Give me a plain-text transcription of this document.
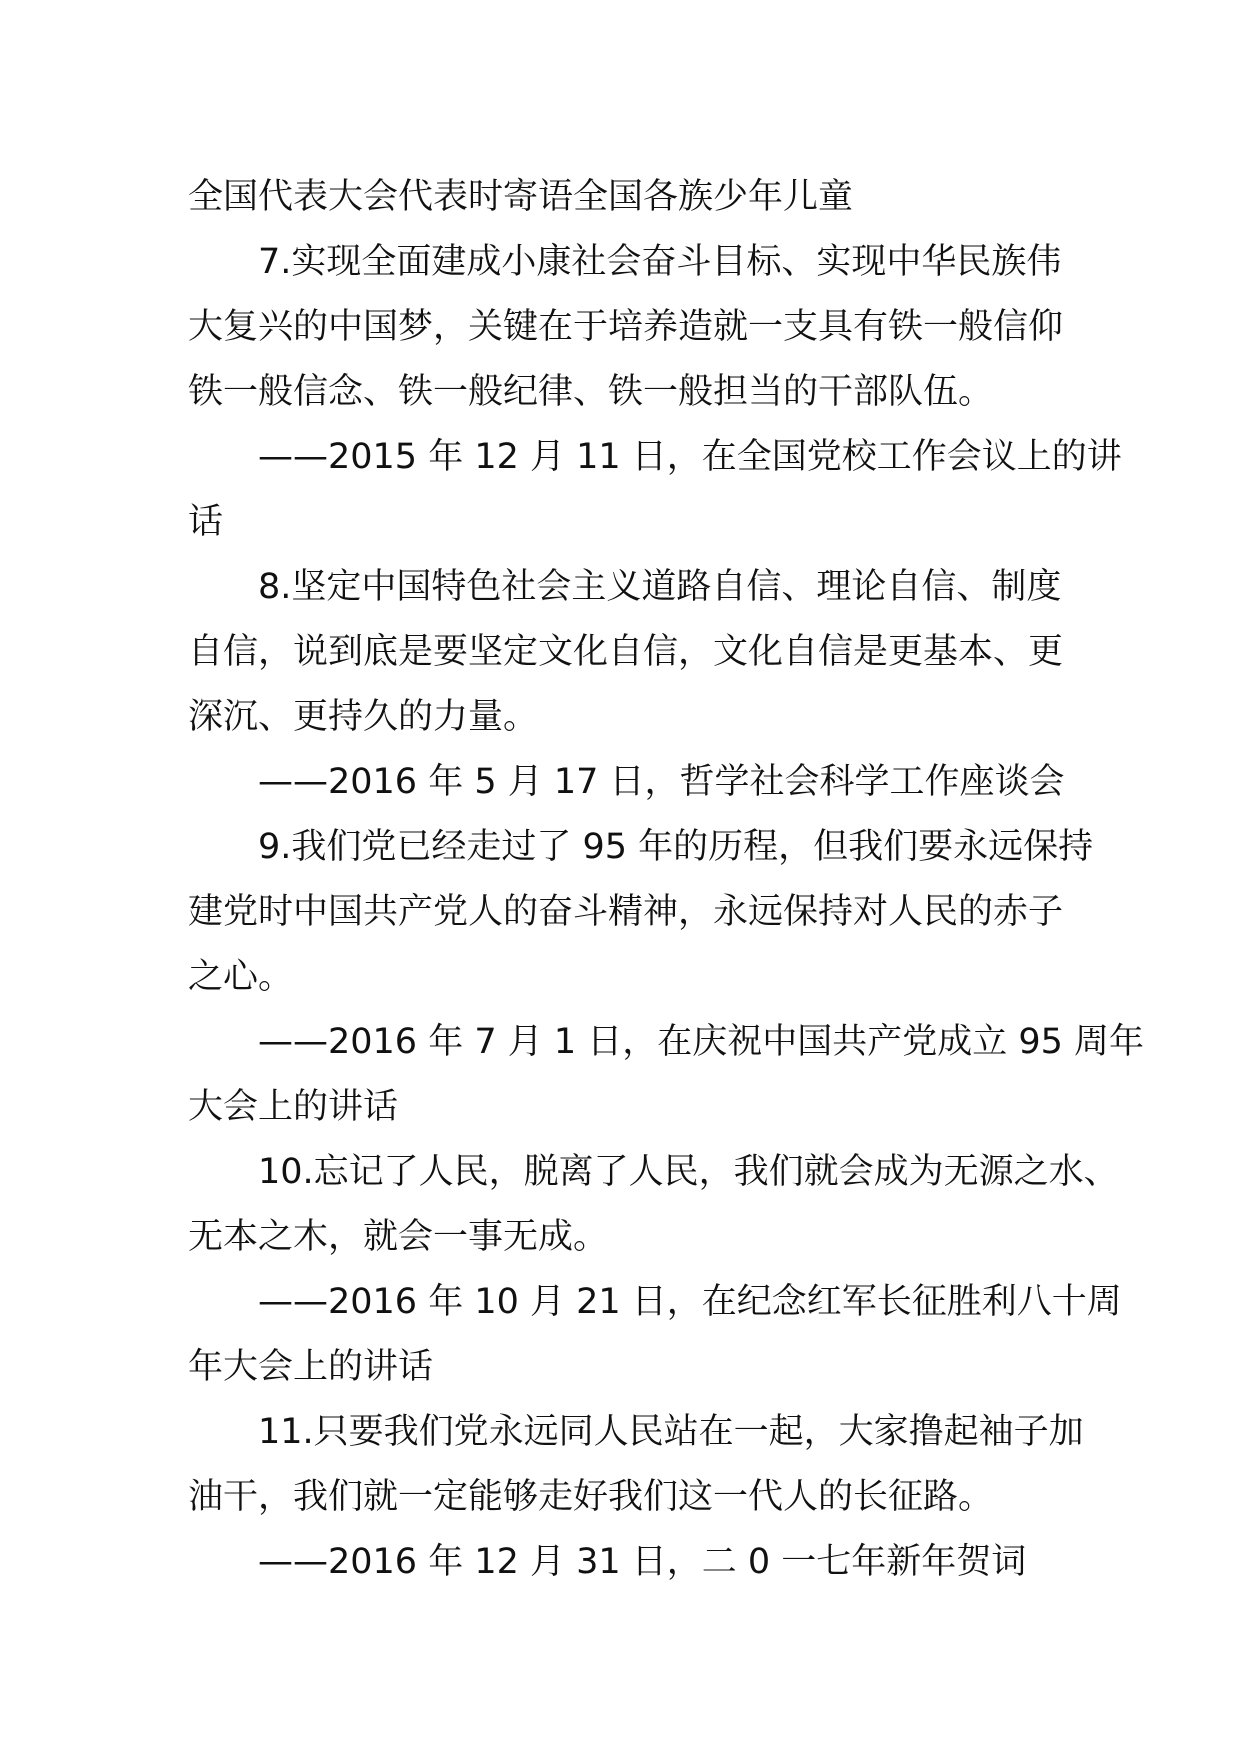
全国代表大会代表时寄语全国各族少年儿童
7.实现全面建成小康社会奋斗目标、实现中华民族伟
大复兴的中国梦，关键在于培养造就一支具有铁一般信仰
铁一般信念、铁一般纪律、铁一般担当的干部队伍。
——2015 年 12 月 11 日，在全国党校工作会议上的讲
话
8.坚定中国特色社会主义道路自信、理论自信、制度
自信，说到底是要坚定文化自信，文化自信是更基本、更
深沉、更持久的力量。
——2016 年 5 月 17 日，哲学社会科学工作座谈会
9.我们党已经走过了 95 年的历程，但我们要永远保持
建党时中国共产党人的奋斗精神，永远保持对人民的赤子
之心。
——2016 年 7 月 1 日，在庆祝中国共产党成立 95 周年
大会上的讲话
10.忘记了人民，脱离了人民，我们就会成为无源之水、
无本之木，就会一事无成。
——2016 年 10 月 21 日，在纪念红军长征胜利八十周
年大会上的讲话
11.只要我们党永远同人民站在一起，大家撸起袖子加
油干，我们就一定能够走好我们这一代人的长征路。
——2016 年 12 月 31 日，二 0 一七年新年贺词
